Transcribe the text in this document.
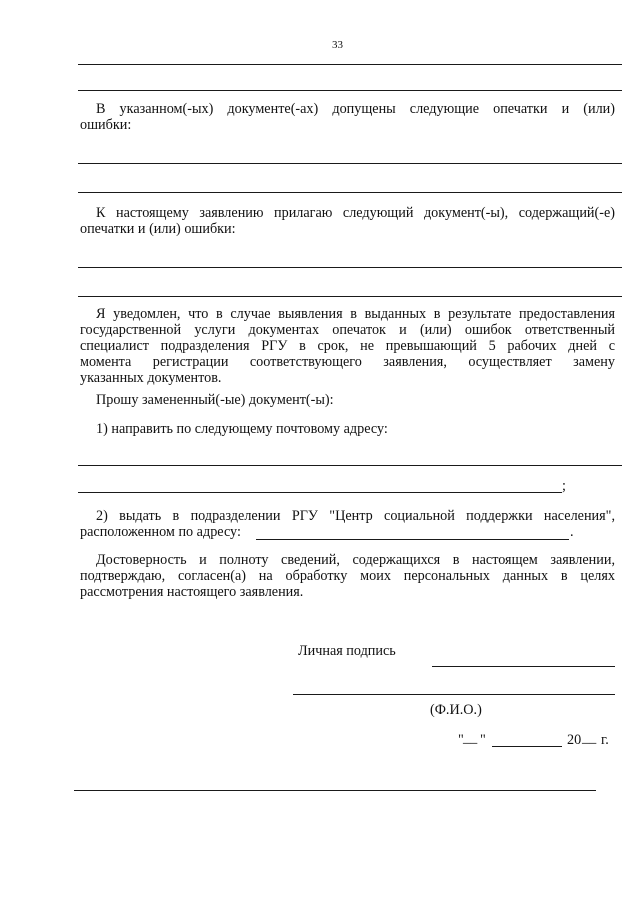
33
В указанном(-ых) документе(-ах) допущены следующие опечатки и (или)
ошибки:
К настоящему заявлению прилагаю следующий документ(-ы), содержащий(-е)
опечатки и (или) ошибки:
Я уведомлен, что в случае выявления в выданных в результате предоставления
государственной услуги документах опечаток и (или) ошибок ответственный
специалист подразделения РГУ в срок, не превышающий 5 рабочих дней с
момента регистрации соответствующего заявления, осуществляет замену
указанных документов.
Прошу замененный(-ые) документ(-ы):
1) направить по следующему почтовому адресу:
;
2) выдать в подразделении РГУ "Центр социальной поддержки населения",
расположенном по адресу:	.
Достоверность и полноту сведений, содержащихся в настоящем заявлении,
подтверждаю, согласен(а) на обработку моих персональных данных в целях
рассмотрения настоящего заявления.
Личная подпись
(Ф.И.О.)
" __ "	20 __ г.
